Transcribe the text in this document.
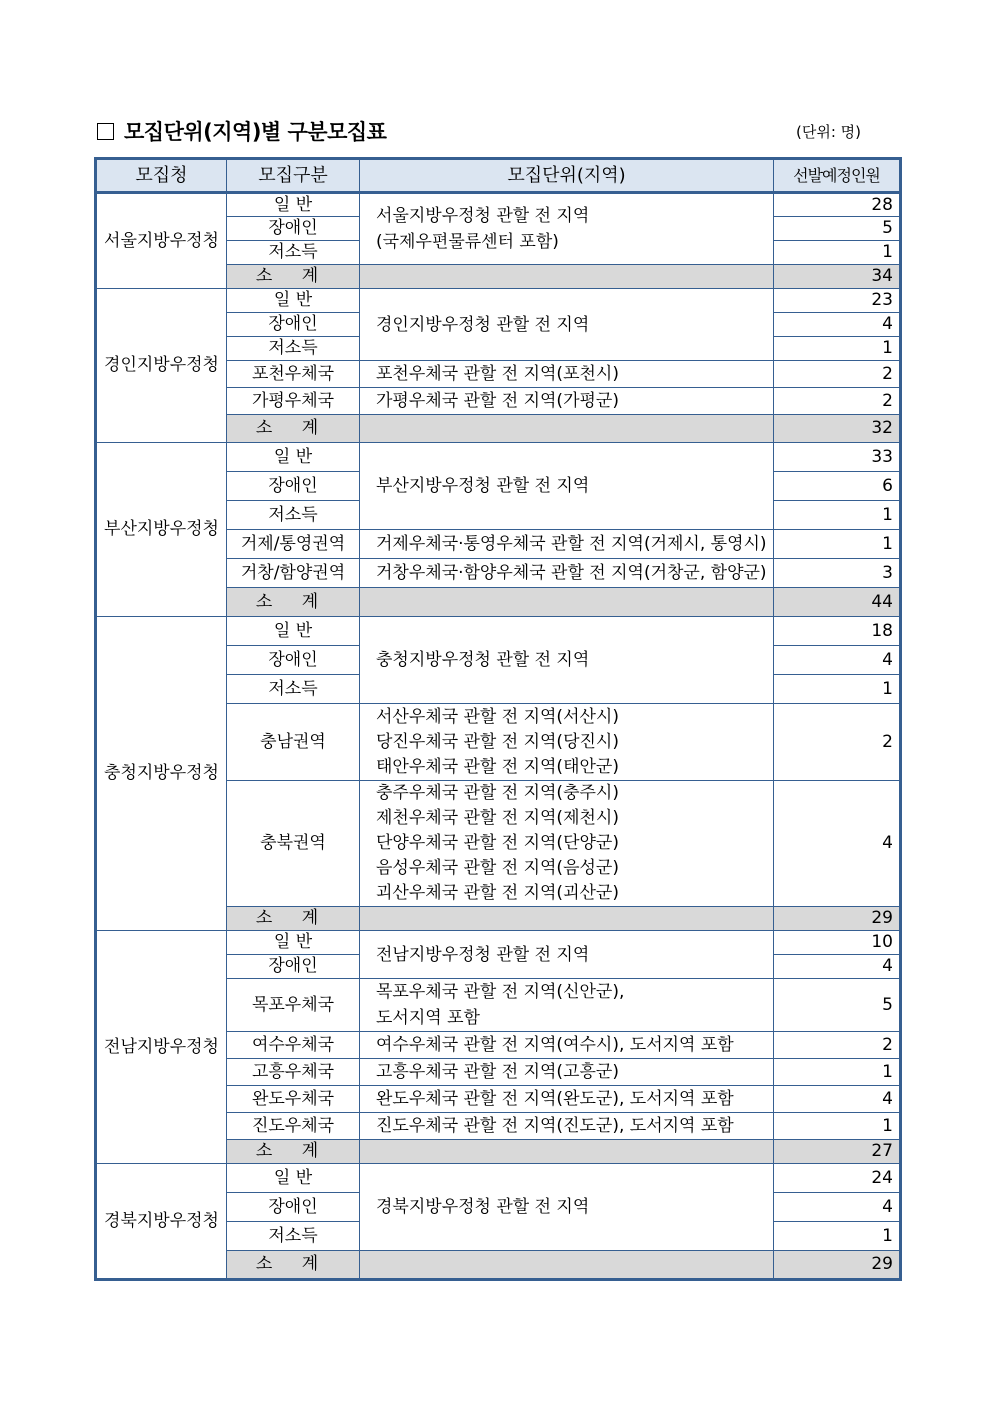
모집단위(지역)별 구분모집표	(단위: 명)
모집청	모집구분	모집단위(지역)	선발예정인원
서울지방우정청	일 반	서울지방우정청 관할 전 지역
(국제우편물류센터 포함)	28
	장애인		5
	저소득		1
	소 계		34
경인지방우정청	일 반	경인지방우정청 관할 전 지역	23
	장애인		4
	저소득		1
	포천우체국	포천우체국 관할 전 지역(포천시)	2
	가평우체국	가평우체국 관할 전 지역(가평군)	2
	소 계		32
부산지방우정청	일 반	부산지방우정청 관할 전 지역	33
	장애인		6
	저소득		1
	거제/통영권역	거제우체국·통영우체국 관할 전 지역(거제시, 통영시)	1
	거창/함양권역	거창우체국·함양우체국 관할 전 지역(거창군, 함양군)	3
	소 계		44
충청지방우정청	일 반	충청지방우정청 관할 전 지역	18
	장애인		4
	저소득		1
	충남권역	서산우체국 관할 전 지역(서산시)
당진우체국 관할 전 지역(당진시)
태안우체국 관할 전 지역(태안군)	2
	충북권역	충주우체국 관할 전 지역(충주시)
제천우체국 관할 전 지역(제천시)
단양우체국 관할 전 지역(단양군)
음성우체국 관할 전 지역(음성군)
괴산우체국 관할 전 지역(괴산군)	4
	소 계		29
전남지방우정청	일 반	전남지방우정청 관할 전 지역	10
	장애인		4
	목포우체국	목포우체국 관할 전 지역(신안군),
도서지역 포함	5
	여수우체국	여수우체국 관할 전 지역(여수시), 도서지역 포함	2
	고흥우체국	고흥우체국 관할 전 지역(고흥군)	1
	완도우체국	완도우체국 관할 전 지역(완도군), 도서지역 포함	4
	진도우체국	진도우체국 관할 전 지역(진도군), 도서지역 포함	1
	소 계		27
경북지방우정청	일 반	경북지방우정청 관할 전 지역	24
	장애인		4
	저소득		1
	소 계		29
